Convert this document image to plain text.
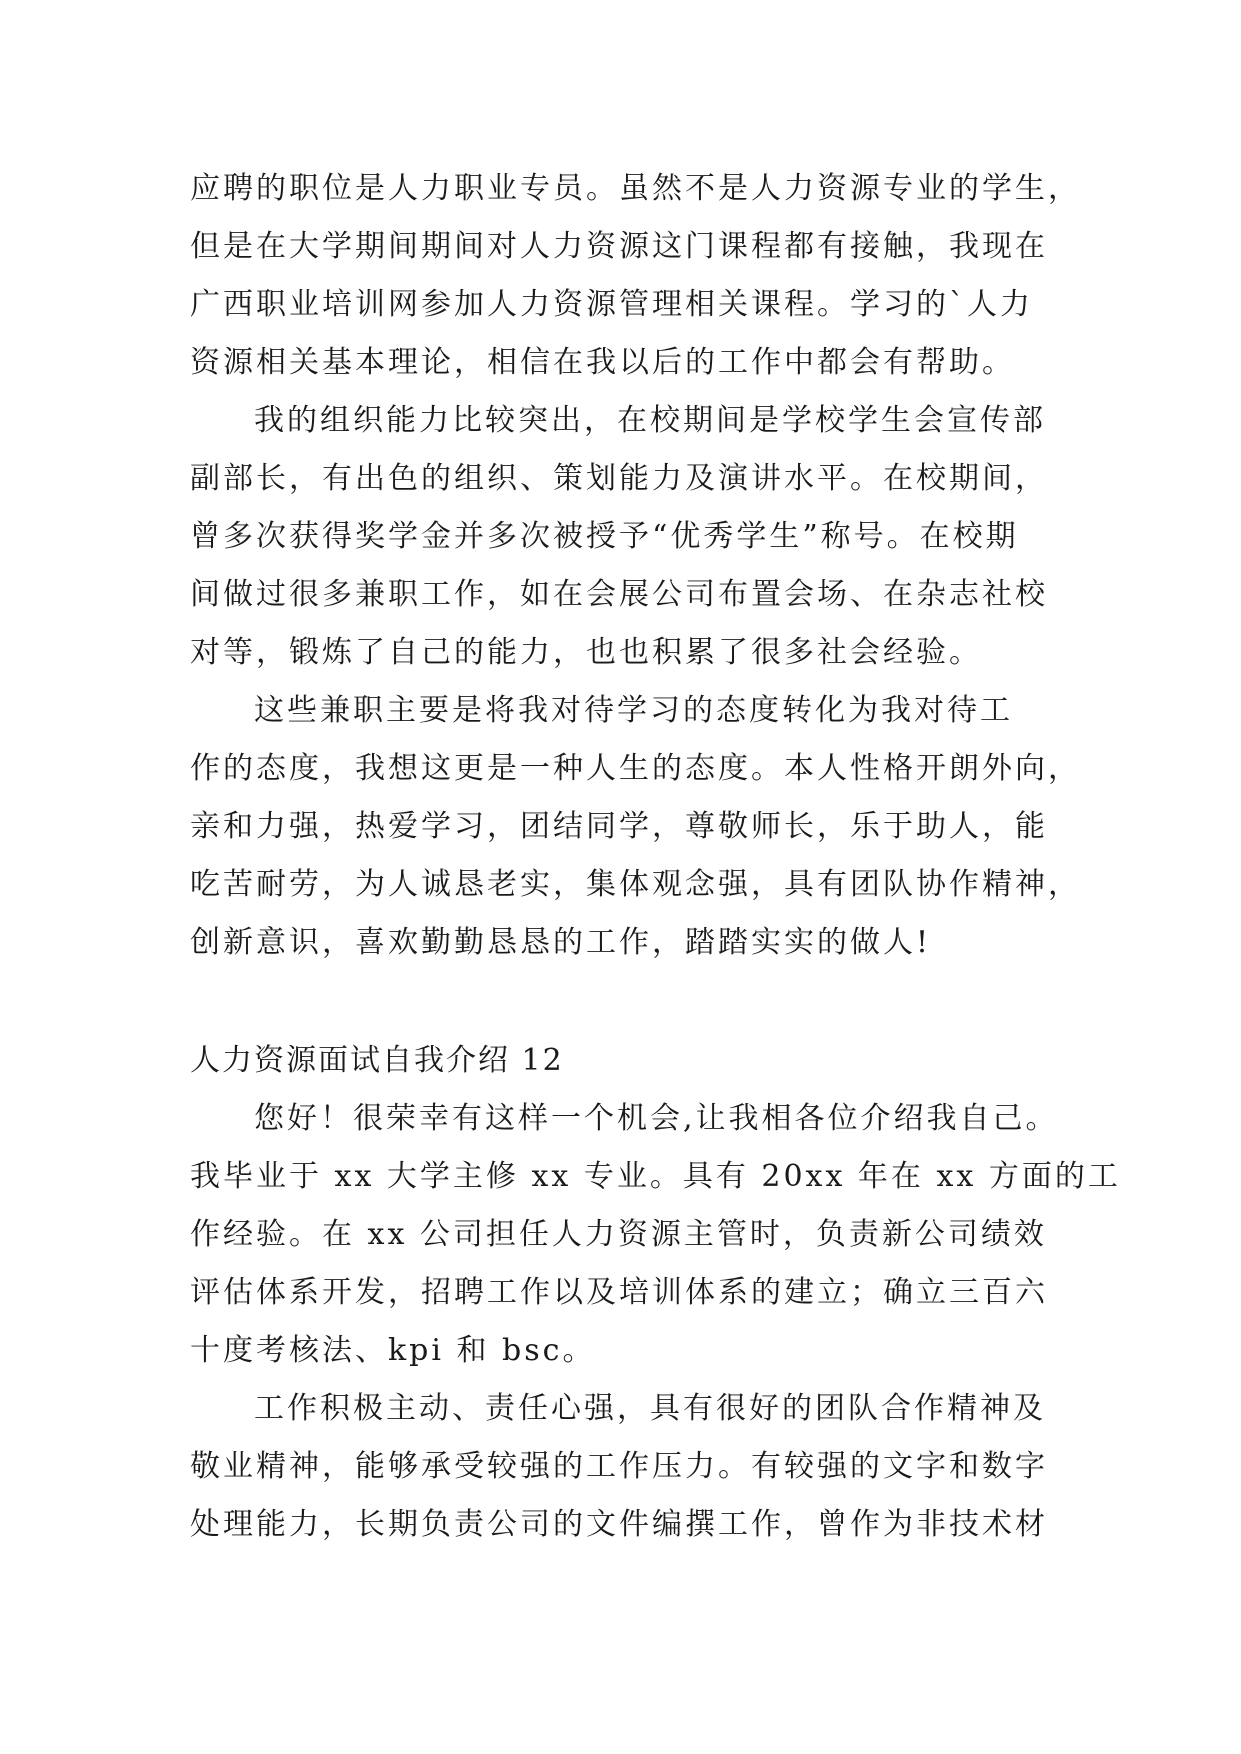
应聘的职位是人力职业专员。虽然不是人力资源专业的学生，
但是在大学期间期间对人力资源这门课程都有接触，我现在
广西职业培训网参加人力资源管理相关课程。学习的`人力
资源相关基本理论，相信在我以后的工作中都会有帮助。
我的组织能力比较突出，在校期间是学校学生会宣传部
副部长，有出色的组织、策划能力及演讲水平。在校期间，
曾多次获得奖学金并多次被授予“优秀学生”称号。在校期
间做过很多兼职工作，如在会展公司布置会场、在杂志社校
对等，锻炼了自己的能力，也也积累了很多社会经验。
这些兼职主要是将我对待学习的态度转化为我对待工
作的态度，我想这更是一种人生的态度。本人性格开朗外向，
亲和力强，热爱学习，团结同学，尊敬师长，乐于助人，能
吃苦耐劳，为人诚恳老实，集体观念强，具有团队协作精神，
创新意识，喜欢勤勤恳恳的工作，踏踏实实的做人!
人力资源面试自我介绍 12
您好！很荣幸有这样一个机会,让我相各位介绍我自己。
我毕业于 xx 大学主修 xx 专业。具有 20xx 年在 xx 方面的工
作经验。在 xx 公司担任人力资源主管时，负责新公司绩效
评估体系开发，招聘工作以及培训体系的建立；确立三百六
十度考核法、kpi 和 bsc。
工作积极主动、责任心强，具有很好的团队合作精神及
敬业精神，能够承受较强的工作压力。有较强的文字和数字
处理能力，长期负责公司的文件编撰工作，曾作为非技术材
